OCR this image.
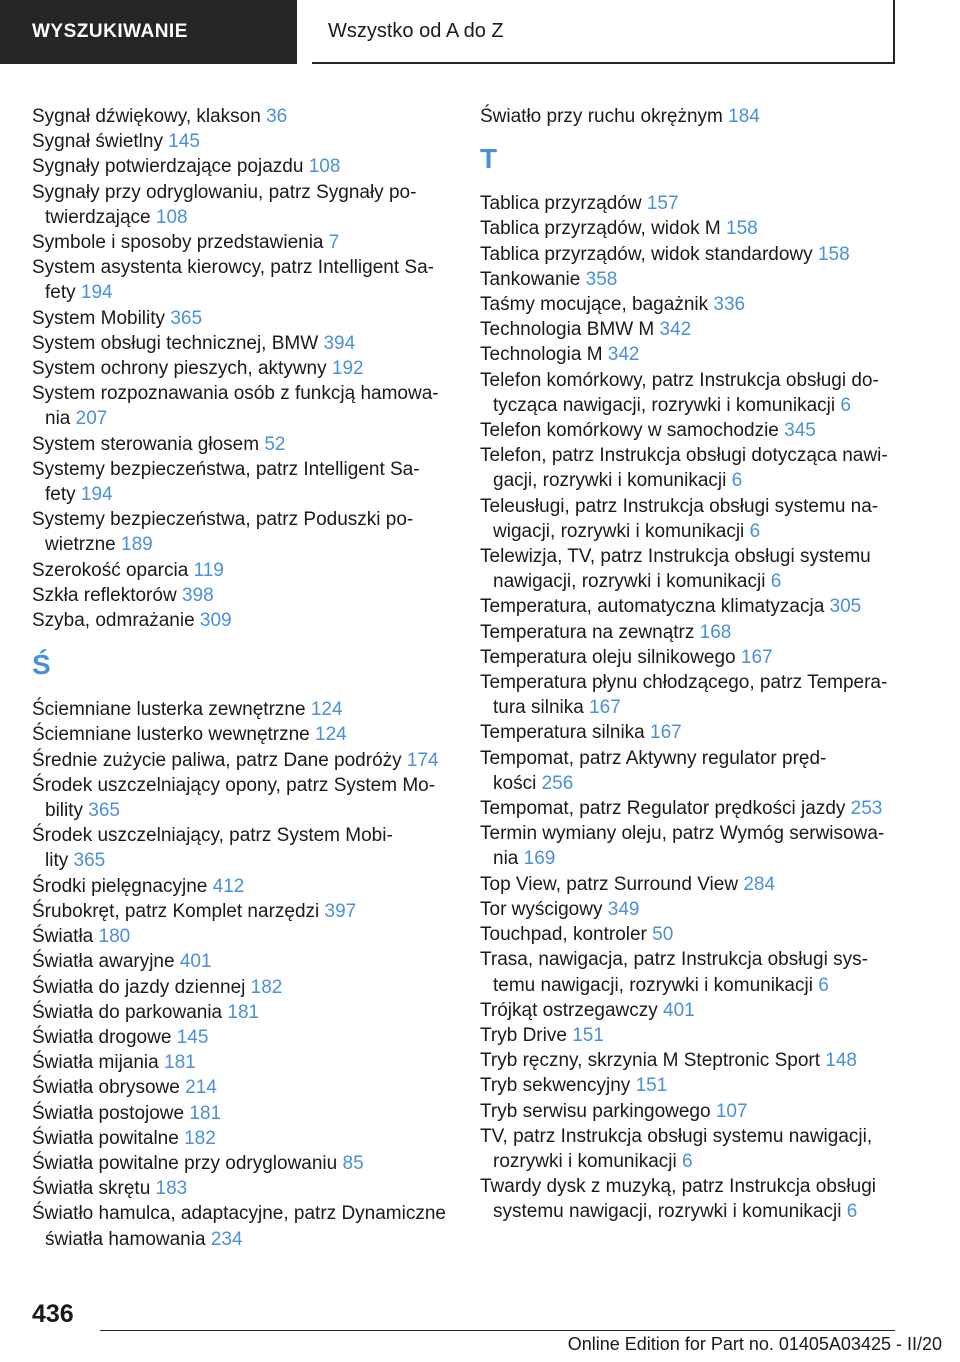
WYSZUKIWANIE	Wszystko od A do Z
Sygnał dźwiękowy, klakson 36
Sygnał świetlny 145
Sygnały potwierdzające pojazdu 108
Sygnały przy odryglowaniu, patrz Sygnały po-
twierdzające 108
Symbole i sposoby przedstawienia 7
System asystenta kierowcy, patrz Intelligent Sa-
fety 194
System Mobility 365
System obsługi technicznej, BMW 394
System ochrony pieszych, aktywny 192
System rozpoznawania osób z funkcją hamowa-
nia 207
System sterowania głosem 52
Systemy bezpieczeństwa, patrz Intelligent Sa-
fety 194
Systemy bezpieczeństwa, patrz Poduszki po-
wietrzne 189
Szerokość oparcia 119
Szkła reflektorów 398
Szyba, odmrażanie 309
Ś
Ściemniane lusterka zewnętrzne 124
Ściemniane lusterko wewnętrzne 124
Średnie zużycie paliwa, patrz Dane podróży 174
Środek uszczelniający opony, patrz System Mo-
bility 365
Środek uszczelniający, patrz System Mobi-
lity 365
Środki pielęgnacyjne 412
Śrubokręt, patrz Komplet narzędzi 397
Światła 180
Światła awaryjne 401
Światła do jazdy dziennej 182
Światła do parkowania 181
Światła drogowe 145
Światła mijania 181
Światła obrysowe 214
Światła postojowe 181
Światła powitalne 182
Światła powitalne przy odryglowaniu 85
Światła skrętu 183
Światło hamulca, adaptacyjne, patrz Dynamiczne
światła hamowania 234
Światło przy ruchu okrężnym 184
T
Tablica przyrządów 157
Tablica przyrządów, widok M 158
Tablica przyrządów, widok standardowy 158
Tankowanie 358
Taśmy mocujące, bagażnik 336
Technologia BMW M 342
Technologia M 342
Telefon komórkowy, patrz Instrukcja obsługi do-
tycząca nawigacji, rozrywki i komunikacji 6
Telefon komórkowy w samochodzie 345
Telefon, patrz Instrukcja obsługi dotycząca nawi-
gacji, rozrywki i komunikacji 6
Teleusługi, patrz Instrukcja obsługi systemu na-
wigacji, rozrywki i komunikacji 6
Telewizja, TV, patrz Instrukcja obsługi systemu
nawigacji, rozrywki i komunikacji 6
Temperatura, automatyczna klimatyzacja 305
Temperatura na zewnątrz 168
Temperatura oleju silnikowego 167
Temperatura płynu chłodzącego, patrz Tempera-
tura silnika 167
Temperatura silnika 167
Tempomat, patrz Aktywny regulator pręd-
kości 256
Tempomat, patrz Regulator prędkości jazdy 253
Termin wymiany oleju, patrz Wymóg serwisowa-
nia 169
Top View, patrz Surround View 284
Tor wyścigowy 349
Touchpad, kontroler 50
Trasa, nawigacja, patrz Instrukcja obsługi sys-
temu nawigacji, rozrywki i komunikacji 6
Trójkąt ostrzegawczy 401
Tryb Drive 151
Tryb ręczny, skrzynia M Steptronic Sport 148
Tryb sekwencyjny 151
Tryb serwisu parkingowego 107
TV, patrz Instrukcja obsługi systemu nawigacji,
rozrywki i komunikacji 6
Twardy dysk z muzyką, patrz Instrukcja obsługi
systemu nawigacji, rozrywki i komunikacji 6
436
Online Edition for Part no. 01405A03425 - II/20
